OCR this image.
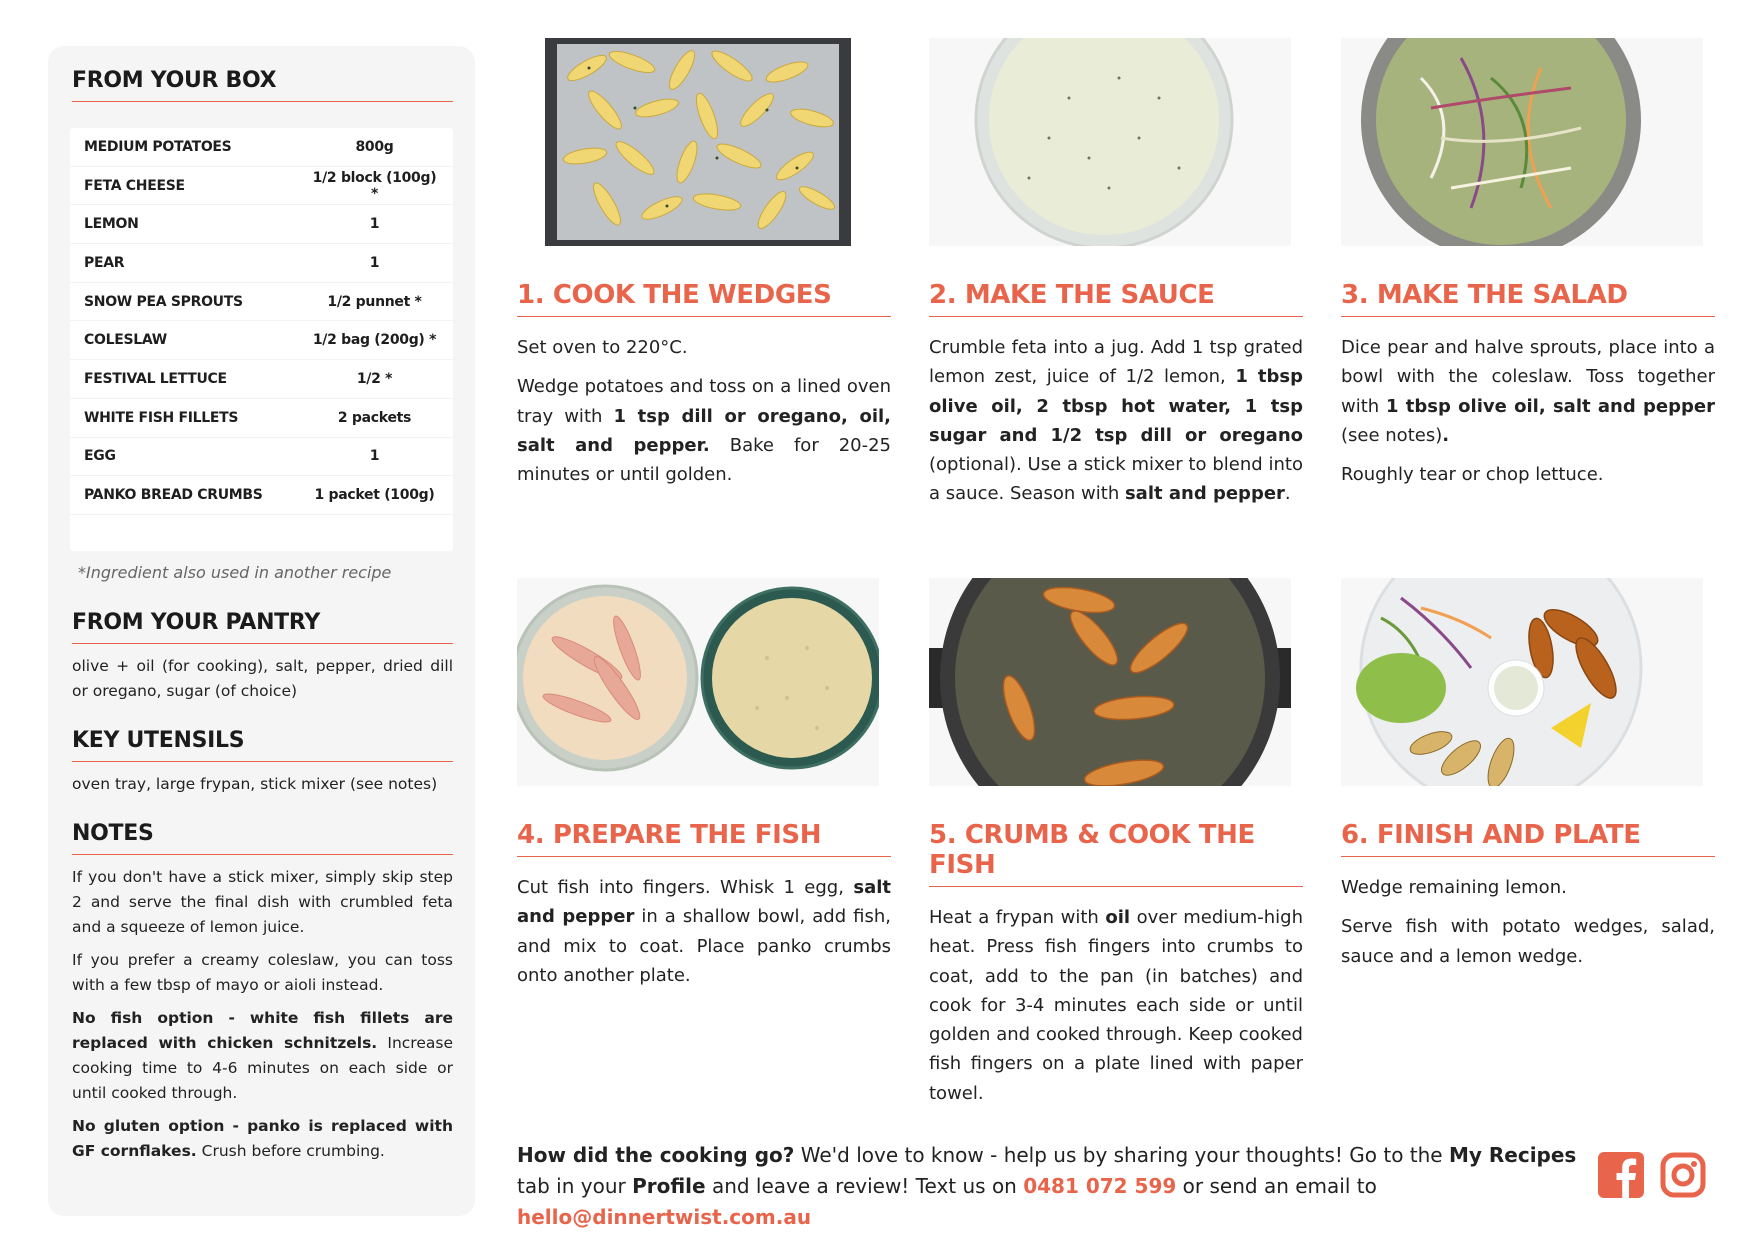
FROM YOUR BOX
MEDIUM POTATOES	800g
FETA CHEESE	1/2 block (100g) *
LEMON	1
PEAR	1
SNOW PEA SPROUTS	1/2 punnet *
COLESLAW	1/2 bag (200g) *
FESTIVAL LETTUCE	1/2 *
WHITE FISH FILLETS	2 packets
EGG	1
PANKO BREAD CRUMBS	1 packet (100g)
*Ingredient also used in another recipe
FROM YOUR PANTRY

olive + oil (for cooking), salt, pepper, dried dill or oregano, sugar (of choice)

KEY UTENSILS

oven tray, large frypan, stick mixer (see notes)

NOTES

If you don't have a stick mixer, simply skip step 2 and serve the final dish with crumbled feta and a squeeze of lemon juice.

If you prefer a creamy coleslaw, you can toss with a few tbsp of mayo or aioli instead.

No fish option - white fish fillets are replaced with chicken schnitzels. Increase cooking time to 4-6 minutes on each side or until cooked through.

No gluten option - panko is replaced with GF cornflakes. Crush before crumbing.

1. COOK THE WEDGES

Set oven to 220°C.

Wedge potatoes and toss on a lined oven tray with 1 tsp dill or oregano, oil, salt and pepper. Bake for 20-25 minutes or until golden.

2. MAKE THE SAUCE

Crumble feta into a jug. Add 1 tsp grated lemon zest, juice of 1/2 lemon, 1 tbsp olive oil, 2 tbsp hot water, 1 tsp sugar and 1/2 tsp dill or oregano (optional). Use a stick mixer to blend into a sauce. Season with salt and pepper.

3. MAKE THE SALAD

Dice pear and halve sprouts, place into a bowl with the coleslaw. Toss together with 1 tbsp olive oil, salt and pepper (see notes).

Roughly tear or chop lettuce.

4. PREPARE THE FISH

Cut fish into fingers. Whisk 1 egg, salt and pepper in a shallow bowl, add fish, and mix to coat. Place panko crumbs onto another plate.

5. CRUMB & COOK THE FISH

Heat a frypan with oil over medium-high heat. Press fish fingers into crumbs to coat, add to the pan (in batches) and cook for 3-4 minutes each side or until golden and cooked through. Keep cooked fish fingers on a plate lined with paper towel.

6. FINISH AND PLATE

Wedge remaining lemon.

Serve fish with potato wedges, salad, sauce and a lemon wedge.

How did the cooking go? We'd love to know - help us by sharing your thoughts! Go to the My Recipes tab in your Profile and leave a review! Text us on 0481 072 599 or send an email to hello@dinnertwist.com.au
